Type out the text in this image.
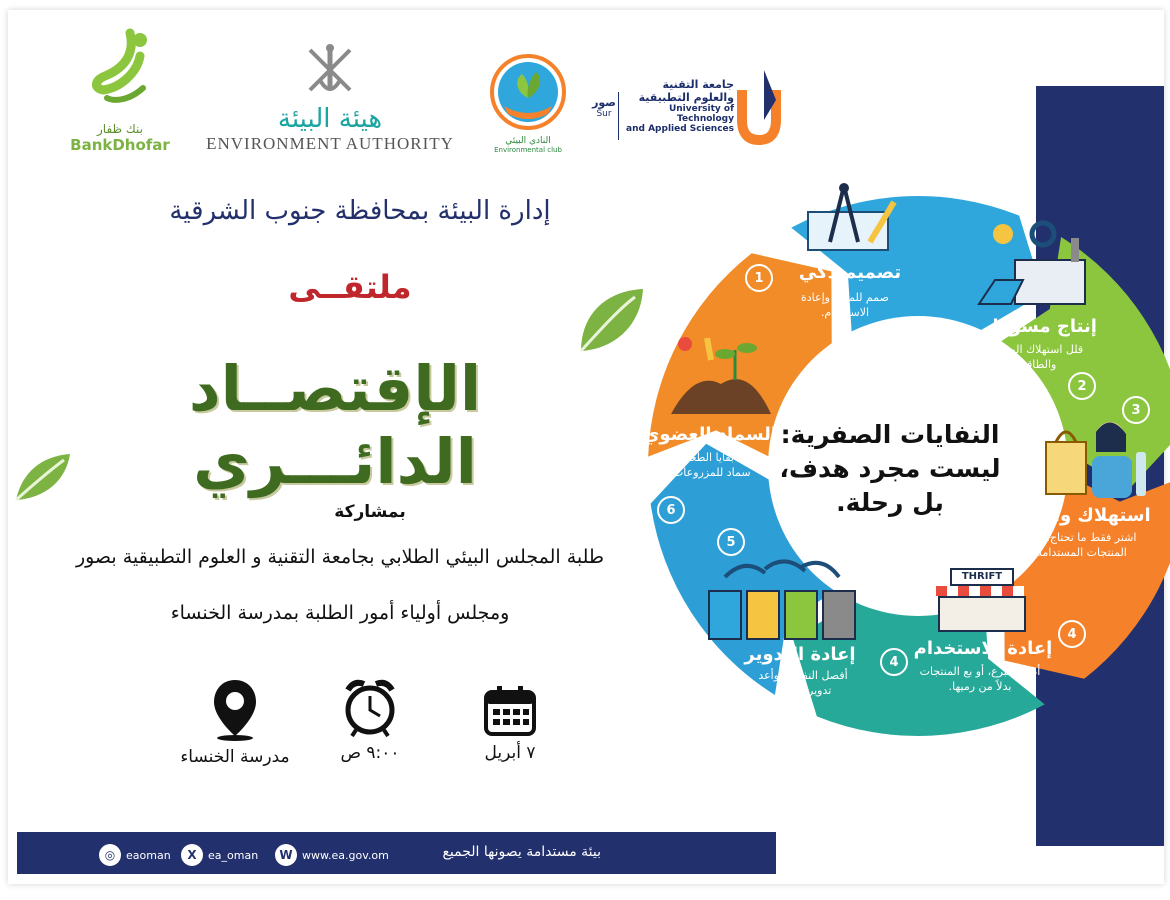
بنك ظفار
BankDhofar
هيئة البيئة
ENVIRONMENT AUTHORITY	النادي البيئي
Environmental club
صور
Sur
جامعة التقنية
والعلوم التطبيقية
University of Technology
and Applied Sciences
إدارة البيئة بمحافظة جنوب الشرقية
ملتقــى
الإقتصــاد الدائـــري
بمشاركة
طلبة المجلس البيئي الطلابي بجامعة التقنية و العلوم التطبيقية بصور
ومجلس أولياء أمور الطلبة بمدرسة الخنساء
مدرسة الخنساء	٩:٠٠ ص	٧ أبريل
النفايات الصفرية:
ليست مجرد هدف،
بل رحلة.
1	تصميم ذكي
صمم للمتانة وإعادة
الاستخدام.
إنتاج مسؤول
قلل استهلاك الموارد
والطاقة.
2
3
استهلاك واعي
اشتر فقط ما تحتاج، اختر
المنتجات المستدامة.
4
4
إعادة الاستخدام
أصلح، تبرع، أو بع المنتجات
بدلاً من رميها.
THRIFT
5
إعادة التدوير
أفصل النفايات وأعد
تدوير المواد.
6
السماد العضوي
حول بقايا الطعام إلى
سماد للمزروعات.
بيئة مستدامة يصونها الجميع
W www.ea.gov.om
X	ea_oman
◎ eaoman
